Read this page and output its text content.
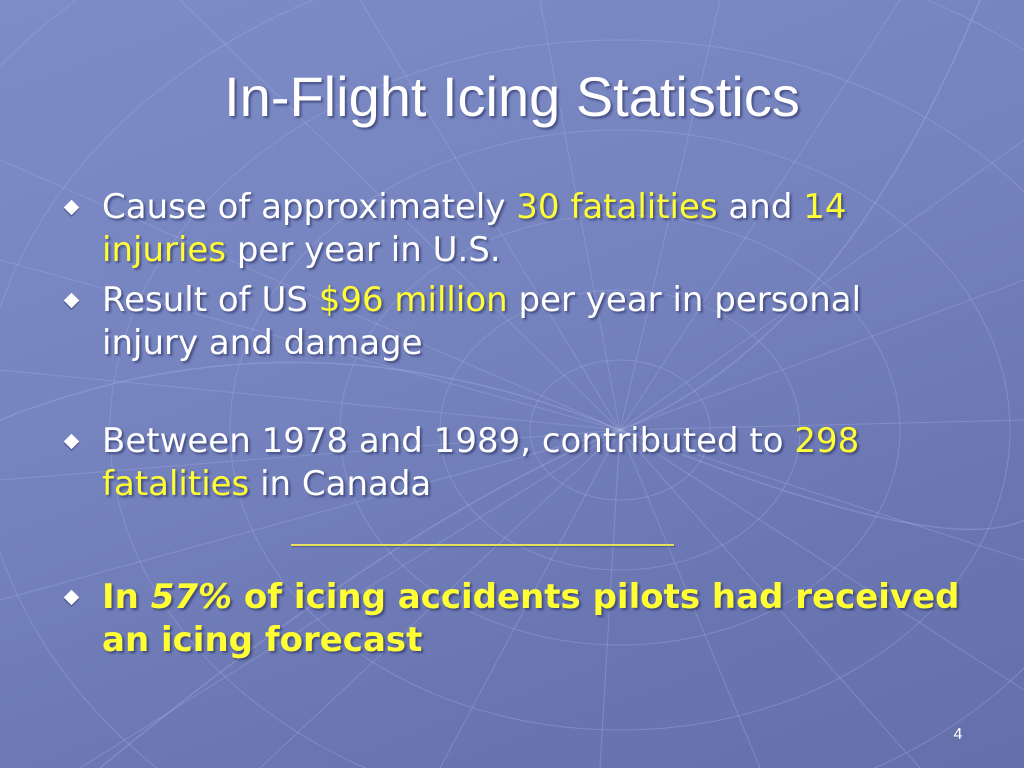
In-Flight Icing Statistics
Cause of approximately 30 fatalities and 14 injuries per year in U.S.
Result of US $96 million per year in personal injury and damage
Between 1978 and 1989, contributed to 298 fatalities in Canada
In 57% of icing accidents pilots had received an icing forecast
4
